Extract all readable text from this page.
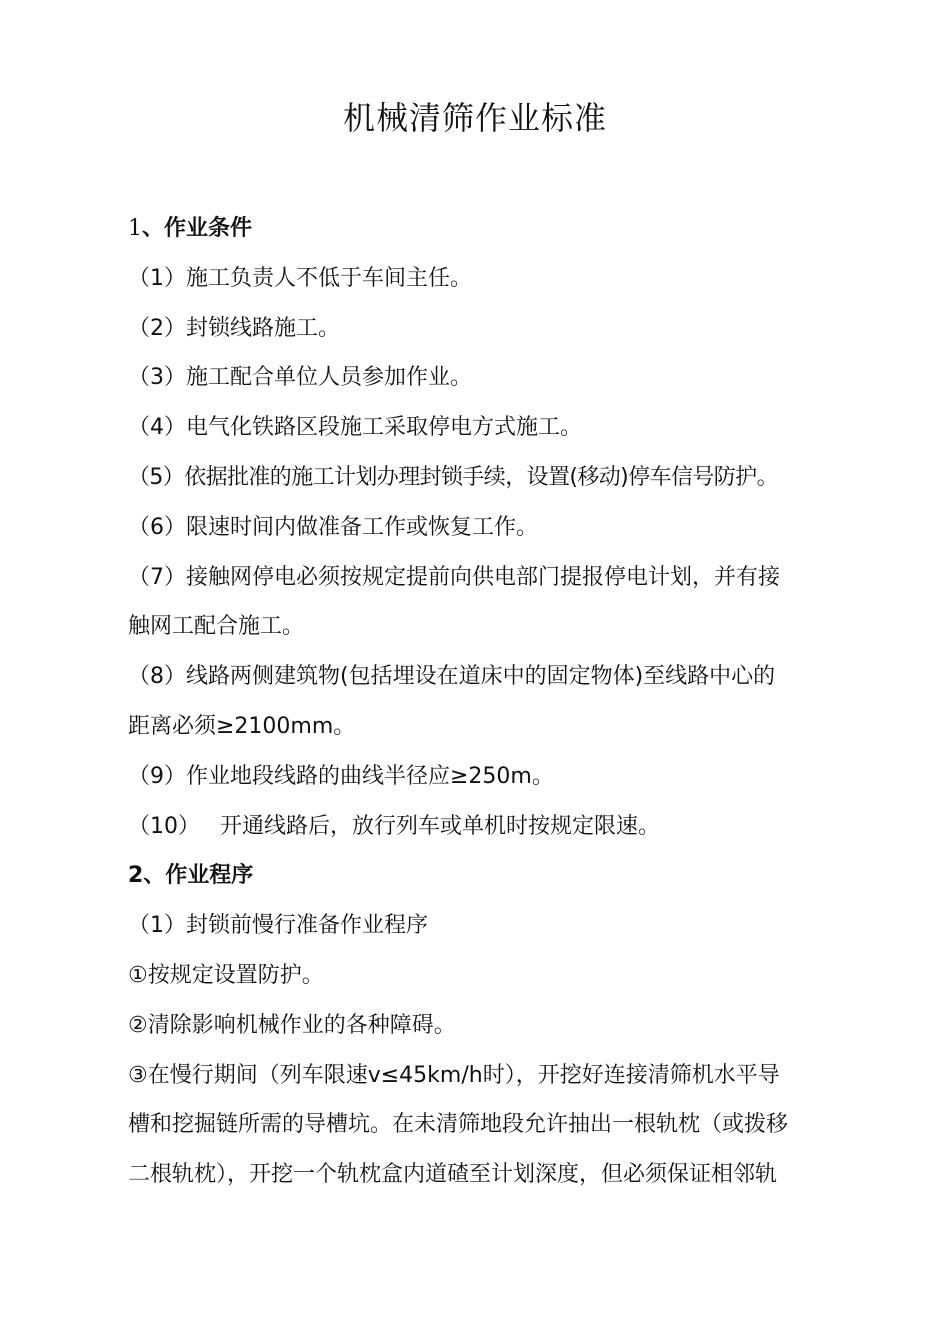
机械清筛作业标准

1、作业条件

（1）施工负责人不低于车间主任。

（2）封锁线路施工。

（3）施工配合单位人员参加作业。

（4）电气化铁路区段施工采取停电方式施工。

（5）依据批准的施工计划办理封锁手续，设置(移动)停车信号防护。

（6）限速时间内做准备工作或恢复工作。

（7）接触网停电必须按规定提前向供电部门提报停电计划，并有接

触网工配合施工。

（8）线路两侧建筑物(包括埋设在道床中的固定物体)至线路中心的

距离必须≥2100mm。

（9）作业地段线路的曲线半径应≥250m。

（10） 开通线路后，放行列车或单机时按规定限速。

2、作业程序

（1）封锁前慢行准备作业程序

①按规定设置防护。

②清除影响机械作业的各种障碍。

③在慢行期间（列车限速v≤45km/h时），开挖好连接清筛机水平导

槽和挖掘链所需的导槽坑。在未清筛地段允许抽出一根轨枕（或拨移

二根轨枕），开挖一个轨枕盒内道碴至计划深度，但必须保证相邻轨
